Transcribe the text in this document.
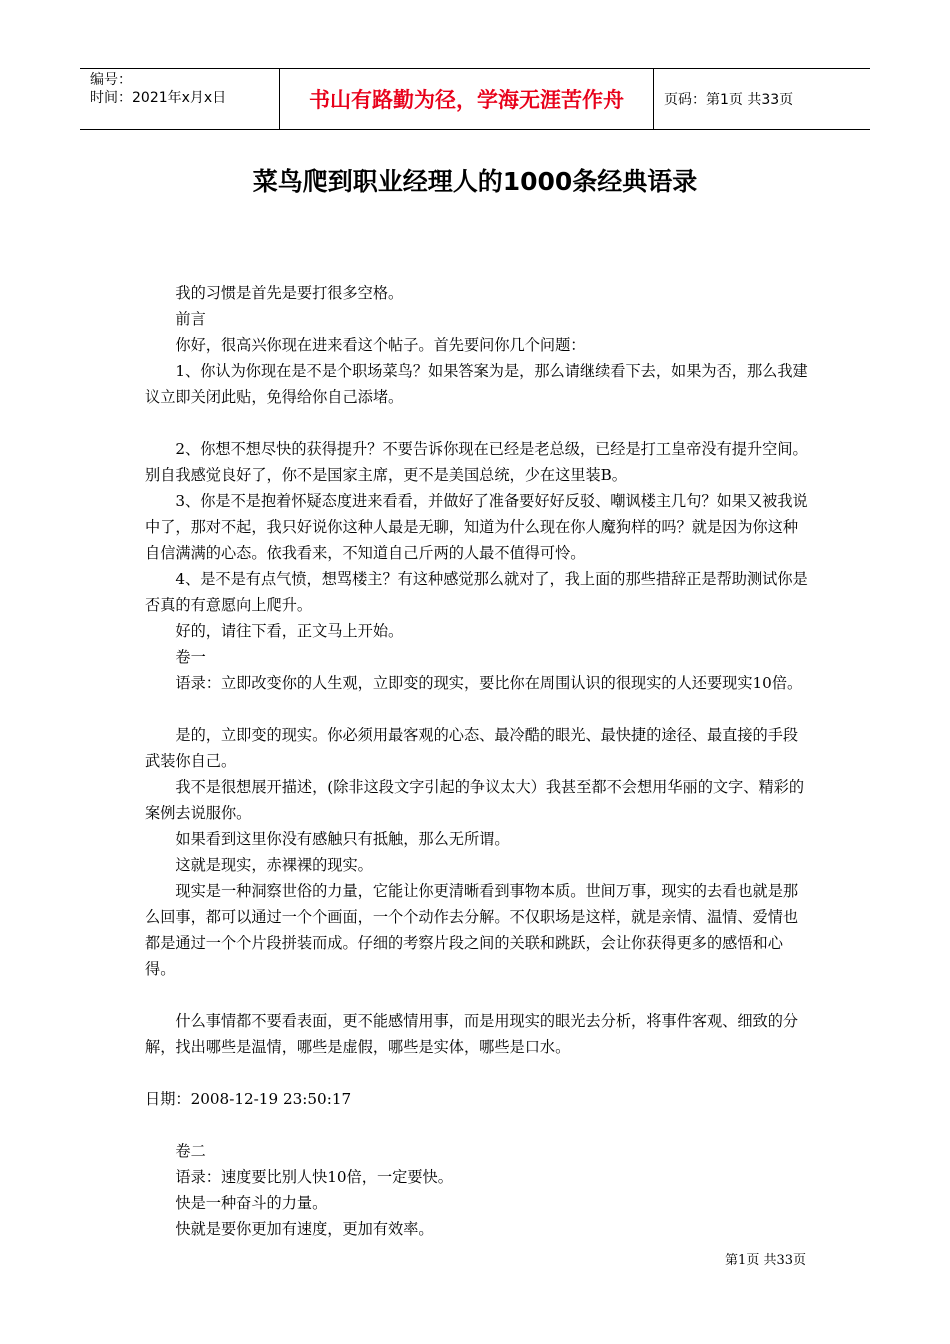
编号：
时间：2021年x月x日	书山有路勤为径，学海无涯苦作舟	页码：第1页 共33页
菜鸟爬到职业经理人的1000条经典语录

我的习惯是首先是要打很多空格。

前言

你好，很高兴你现在进来看这个帖子。首先要问你几个问题：

1、你认为你现在是不是个职场菜鸟？如果答案为是，那么请继续看下去，如果为否，那么我建议立即关闭此贴，免得给你自己添堵。

2、你想不想尽快的获得提升？不要告诉你现在已经是老总级，已经是打工皇帝没有提升空间。别自我感觉良好了，你不是国家主席，更不是美国总统，少在这里装B。

3、你是不是抱着怀疑态度进来看看，并做好了准备要好好反驳、嘲讽楼主几句？如果又被我说中了，那对不起，我只好说你这种人最是无聊，知道为什么现在你人魔狗样的吗？就是因为你这种自信满满的心态。依我看来，不知道自己斤两的人最不值得可怜。

4、是不是有点气愤，想骂楼主？有这种感觉那么就对了，我上面的那些措辞正是帮助测试你是否真的有意愿向上爬升。

好的，请往下看，正文马上开始。

卷一

语录：立即改变你的人生观，立即变的现实，要比你在周围认识的很现实的人还要现实10倍。

是的，立即变的现实。你必须用最客观的心态、最冷酷的眼光、最快捷的途径、最直接的手段武装你自己。

我不是很想展开描述，(除非这段文字引起的争议太大）我甚至都不会想用华丽的文字、精彩的案例去说服你。

如果看到这里你没有感触只有抵触，那么无所谓。

这就是现实，赤裸裸的现实。

现实是一种洞察世俗的力量，它能让你更清晰看到事物本质。世间万事，现实的去看也就是那么回事，都可以通过一个个画面，一个个动作去分解。不仅职场是这样，就是亲情、温情、爱情也都是通过一个个片段拼装而成。仔细的考察片段之间的关联和跳跃，会让你获得更多的感悟和心得。

什么事情都不要看表面，更不能感情用事，而是用现实的眼光去分析，将事件客观、细致的分解，找出哪些是温情，哪些是虚假，哪些是实体，哪些是口水。

日期：2008-12-19 23:50:17

卷二

语录：速度要比别人快10倍，一定要快。

快是一种奋斗的力量。

快就是要你更加有速度，更加有效率。

第1页 共33页
